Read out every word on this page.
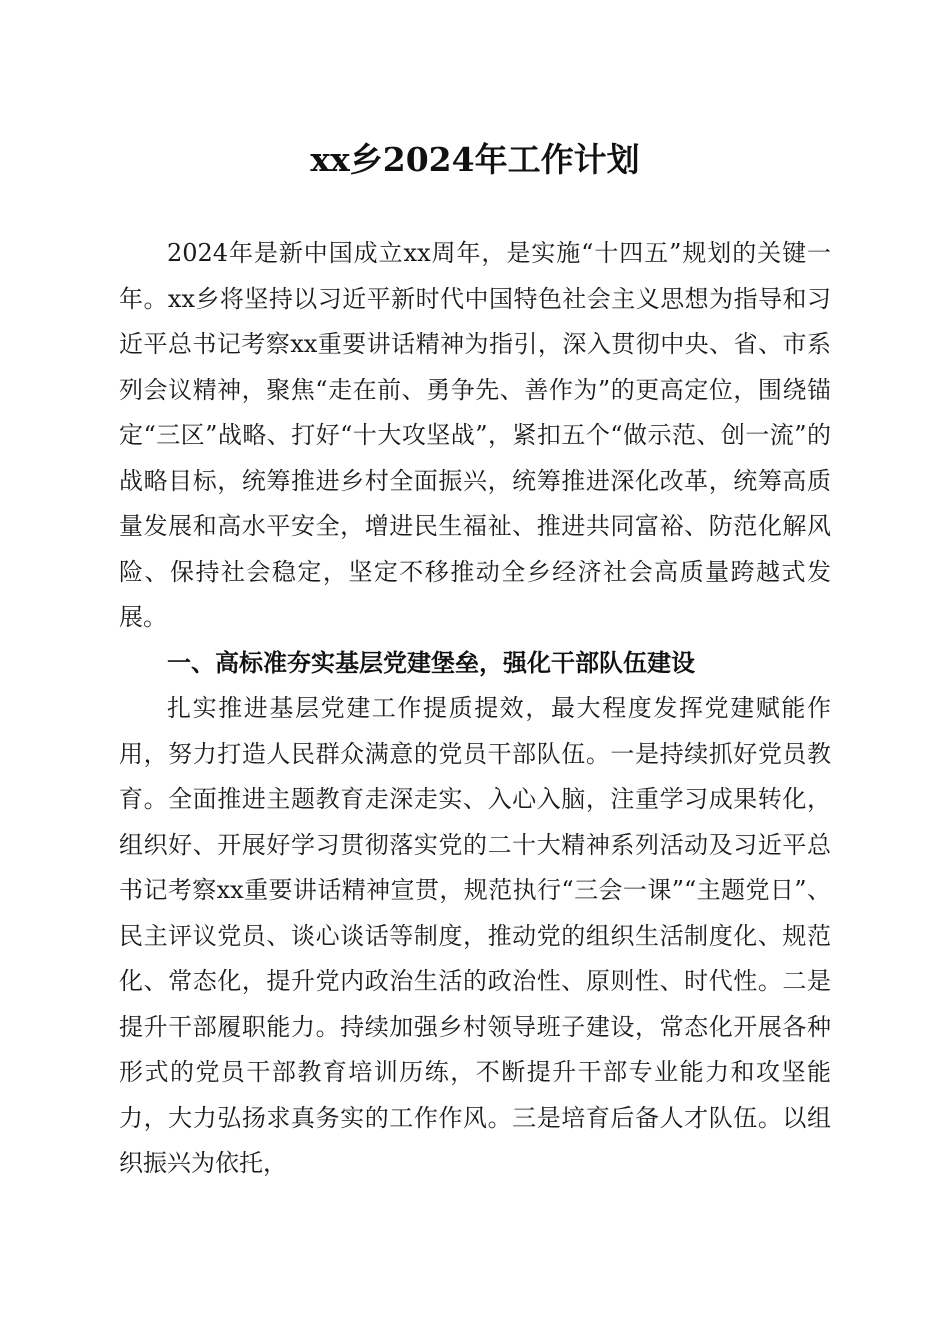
xx乡2024年工作计划

2024年是新中国成立xx周年，是实施“十四五”规划的关键一年。xx乡将坚持以习近平新时代中国特色社会主义思想为指导和习近平总书记考察xx重要讲话精神为指引，深入贯彻中央、省、市系列会议精神，聚焦“走在前、勇争先、善作为”的更高定位，围绕锚定“三区”战略、打好“十大攻坚战”，紧扣五个“做示范、创一流”的战略目标，统筹推进乡村全面振兴，统筹推进深化改革，统筹高质量发展和高水平安全，增进民生福祉、推进共同富裕、防范化解风险、保持社会稳定，坚定不移推动全乡经济社会高质量跨越式发展。

一、高标准夯实基层党建堡垒，强化干部队伍建设

扎实推进基层党建工作提质提效，最大程度发挥党建赋能作用，努力打造人民群众满意的党员干部队伍。一是持续抓好党员教育。全面推进主题教育走深走实、入心入脑，注重学习成果转化，组织好、开展好学习贯彻落实党的二十大精神系列活动及习近平总书记考察xx重要讲话精神宣贯，规范执行“三会一课”“主题党日”、民主评议党员、谈心谈话等制度，推动党的组织生活制度化、规范化、常态化，提升党内政治生活的政治性、原则性、时代性。二是提升干部履职能力。持续加强乡村领导班子建设，常态化开展各种形式的党员干部教育培训历练，不断提升干部专业能力和攻坚能力，大力弘扬求真务实的工作作风。三是培育后备人才队伍。以组织振兴为依托，
